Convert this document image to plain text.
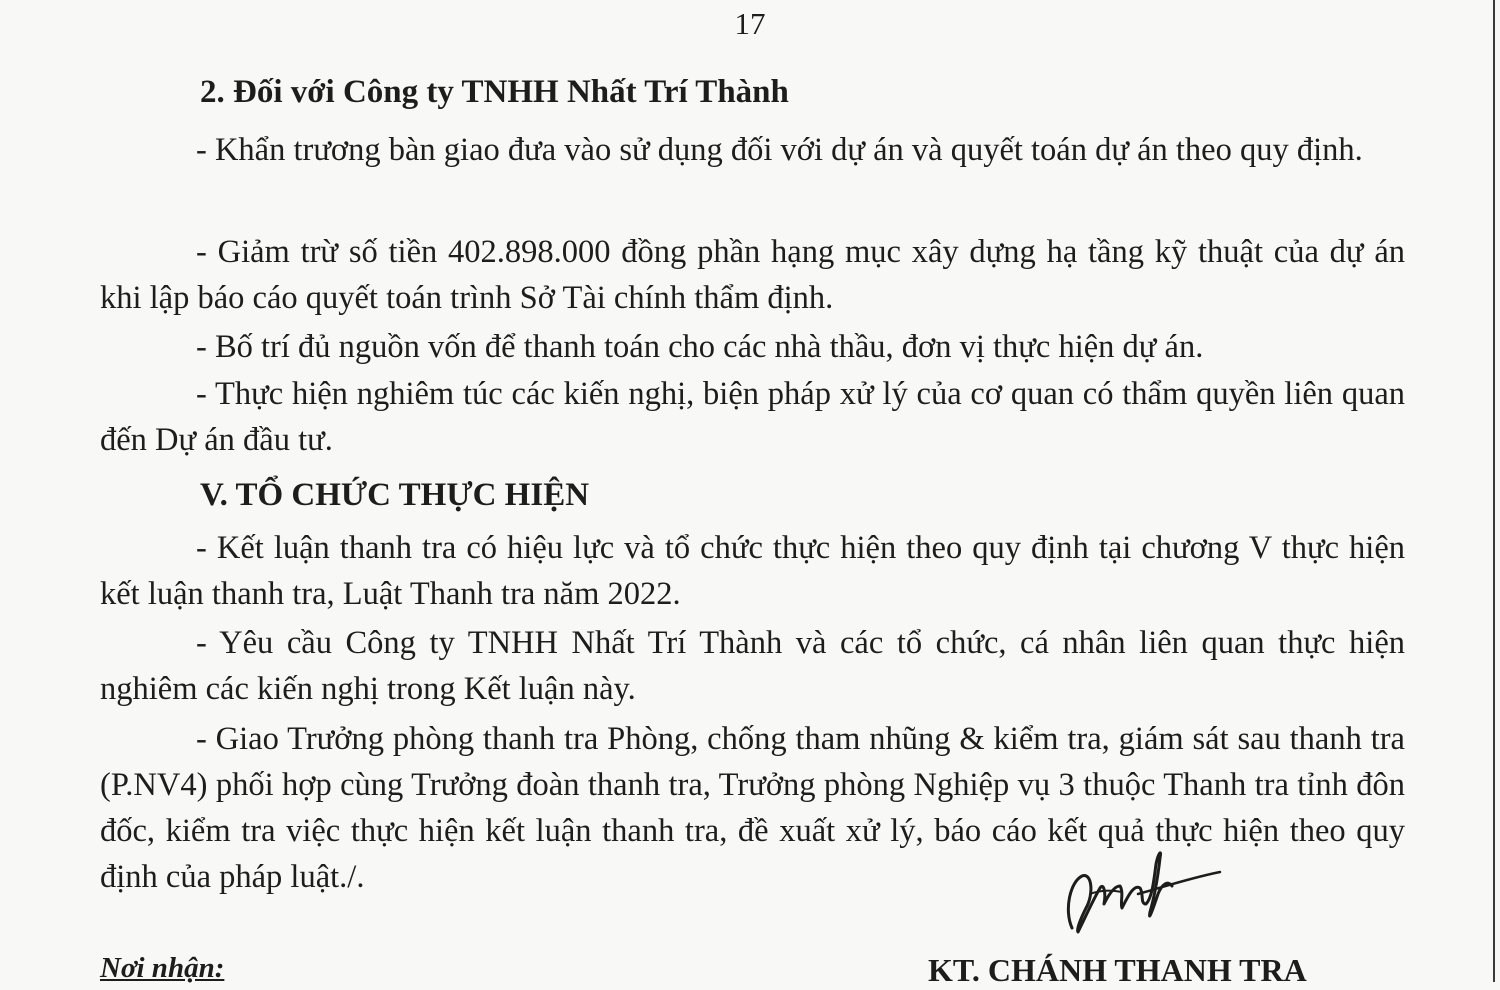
17
2. Đối với Công ty TNHH Nhất Trí Thành
- Khẩn trương bàn giao đưa vào sử dụng đối với dự án và quyết toán dự án theo quy định.
- Giảm trừ số tiền 402.898.000 đồng phần hạng mục xây dựng hạ tầng kỹ thuật của dự án khi lập báo cáo quyết toán trình Sở Tài chính thẩm định.
- Bố trí đủ nguồn vốn để thanh toán cho các nhà thầu, đơn vị thực hiện dự án.
- Thực hiện nghiêm túc các kiến nghị, biện pháp xử lý của cơ quan có thẩm quyền liên quan đến Dự án đầu tư.
V. TỔ CHỨC THỰC HIỆN
- Kết luận thanh tra có hiệu lực và tổ chức thực hiện theo quy định tại chương V thực hiện kết luận thanh tra, Luật Thanh tra năm 2022.
- Yêu cầu Công ty TNHH Nhất Trí Thành và các tổ chức, cá nhân liên quan thực hiện nghiêm các kiến nghị trong Kết luận này.
- Giao Trưởng phòng thanh tra Phòng, chống tham nhũng & kiểm tra, giám sát sau thanh tra (P.NV4) phối hợp cùng Trưởng đoàn thanh tra, Trưởng phòng Nghiệp vụ 3 thuộc Thanh tra tỉnh đôn đốc, kiểm tra việc thực hiện kết luận thanh tra, đề xuất xử lý, báo cáo kết quả thực hiện theo quy định của pháp luật./.
Nơi nhận:	KT. CHÁNH THANH TRA
